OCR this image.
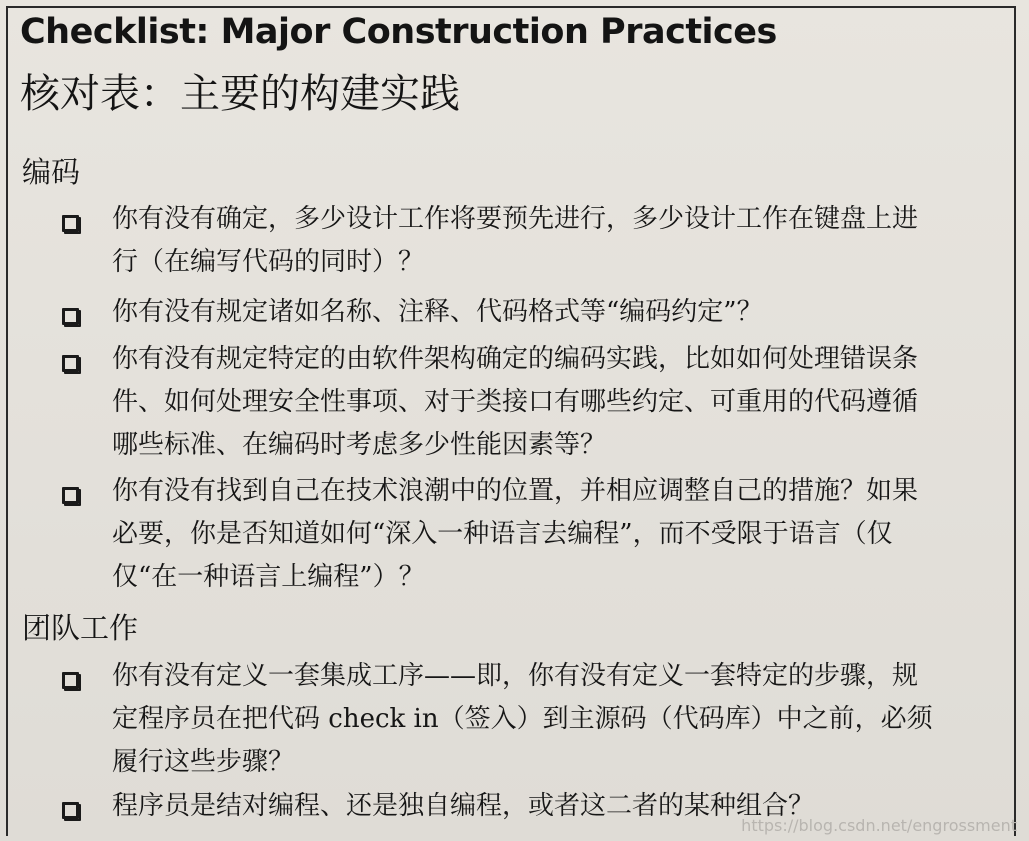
Checklist: Major Construction Practices
核对表：主要的构建实践
编码
你有没有确定，多少设计工作将要预先进行，多少设计工作在键盘上进
行（在编写代码的同时）？
你有没有规定诸如名称、注释、代码格式等“编码约定”？
你有没有规定特定的由软件架构确定的编码实践，比如如何处理错误条
件、如何处理安全性事项、对于类接口有哪些约定、可重用的代码遵循
哪些标准、在编码时考虑多少性能因素等？
你有没有找到自己在技术浪潮中的位置，并相应调整自己的措施？如果
必要，你是否知道如何“深入一种语言去编程”，而不受限于语言（仅
仅“在一种语言上编程”）？
团队工作
你有没有定义一套集成工序——即，你有没有定义一套特定的步骤，规
定程序员在把代码 check in（签入）到主源码（代码库）中之前，必须
履行这些步骤？
程序员是结对编程、还是独自编程，或者这二者的某种组合？
https://blog.csdn.net/engrossment
